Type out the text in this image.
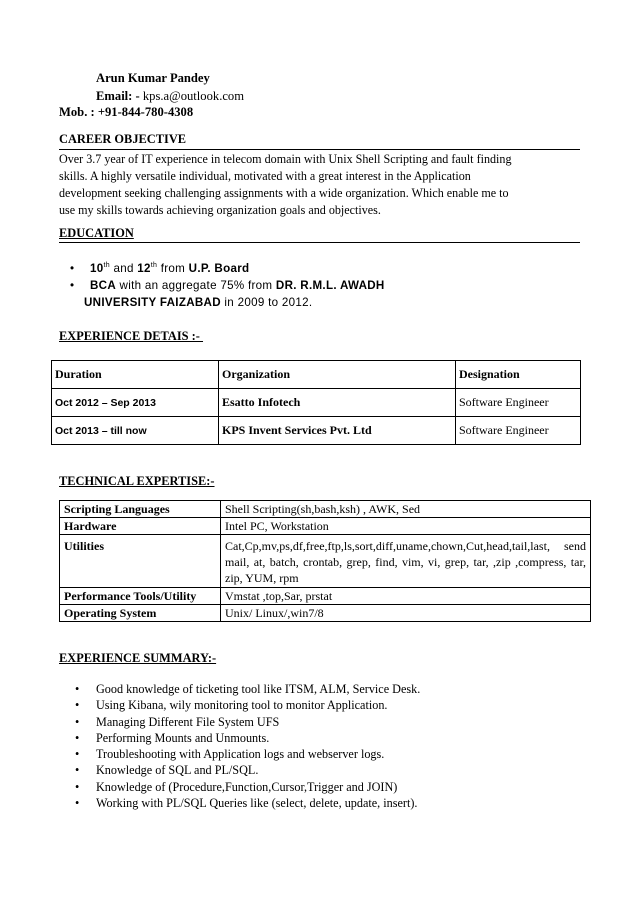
Arun Kumar Pandey
Email: - kps.a@outlook.com
Mob. : +91-844-780-4308
CAREER OBJECTIVE
Over 3.7 year of IT experience in telecom domain with Unix Shell Scripting and fault finding
skills. A highly versatile individual, motivated with a great interest in the Application
development seeking challenging assignments with a wide organization. Which enable me to
use my skills towards achieving organization goals and objectives.
EDUCATION
• 10th and 12th from U.P. Board
• BCA with an aggregate 75% from DR. R.M.L. AWADH
UNIVERSITY FAIZABAD in 2009 to 2012.
EXPERIENCE DETAIS :-
Duration	Organization	Designation
Oct 2012 – Sep 2013	Esatto Infotech	Software Engineer
Oct 2013 – till now	KPS Invent Services Pvt. Ltd	Software Engineer
TECHNICAL EXPERTISE:-
Scripting Languages	Shell Scripting(sh,bash,ksh) , AWK, Sed
Hardware	Intel PC, Workstation
Utilities	Cat,Cp,mv,ps,df,free,ftp,ls,sort,diff,uname,chown,Cut,head,tail,last, send mail, at, batch, crontab, grep, find, vim, vi, grep, tar, ,zip ,compress, tar, zip, YUM, rpm
Performance Tools/Utility	Vmstat ,top,Sar, prstat
Operating System	Unix/ Linux/,win7/8
EXPERIENCE SUMMARY:-
• Good knowledge of ticketing tool like ITSM, ALM, Service Desk.
• Using Kibana, wily monitoring tool to monitor Application.
• Managing Different File System UFS
• Performing Mounts and Unmounts.
• Troubleshooting with Application logs and webserver logs.
• Knowledge of SQL and PL/SQL.
• Knowledge of (Procedure,Function,Cursor,Trigger and JOIN)
• Working with PL/SQL Queries like (select, delete, update, insert).
